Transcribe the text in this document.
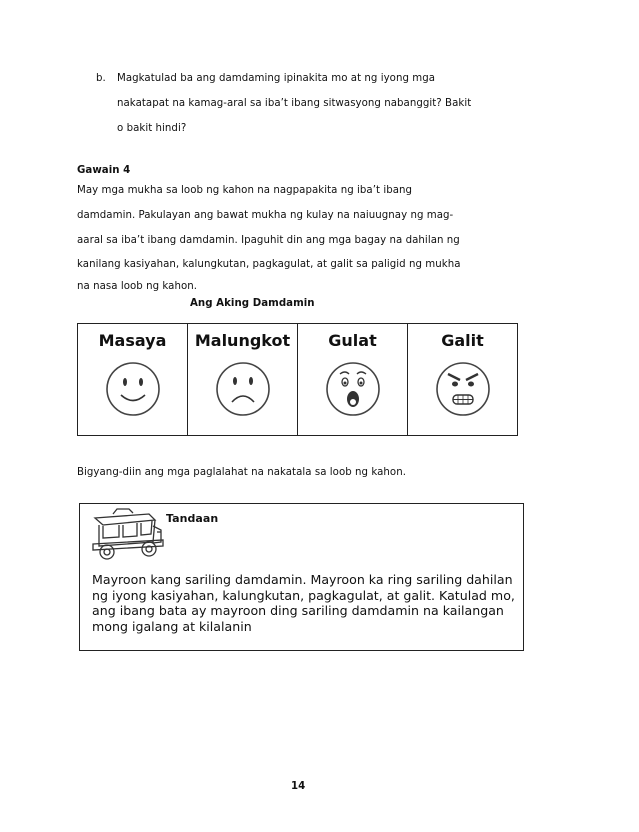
b. Magkatulad ba ang damdaming ipinakita mo at ng iyong mga
nakatapat na kamag-aral sa iba’t ibang sitwasyong nabanggit? Bakit
o bakit hindi?
Gawain 4
May mga mukha sa loob ng kahon na nagpapakita ng iba’t ibang
damdamin. Pakulayan ang bawat mukha ng kulay na naiuugnay ng mag-
aaral sa iba’t ibang damdamin. Ipaguhit din ang mga bagay na dahilan ng
kanilang kasiyahan, kalungkutan, pagkagulat, at galit sa paligid ng mukha
na nasa loob ng kahon.
Ang Aking Damdamin
Masaya	Malungkot	Gulat	Galit
Bigyang-diin ang mga paglalahat na nakatala sa loob ng kahon.
Tandaan
Mayroon kang sariling damdamin. Mayroon ka ring sariling dahilan
ng iyong kasiyahan, kalungkutan, pagkagulat, at galit. Katulad mo,
ang ibang bata ay mayroon ding sariling damdamin na kailangan
mong igalang at kilalanin
14
